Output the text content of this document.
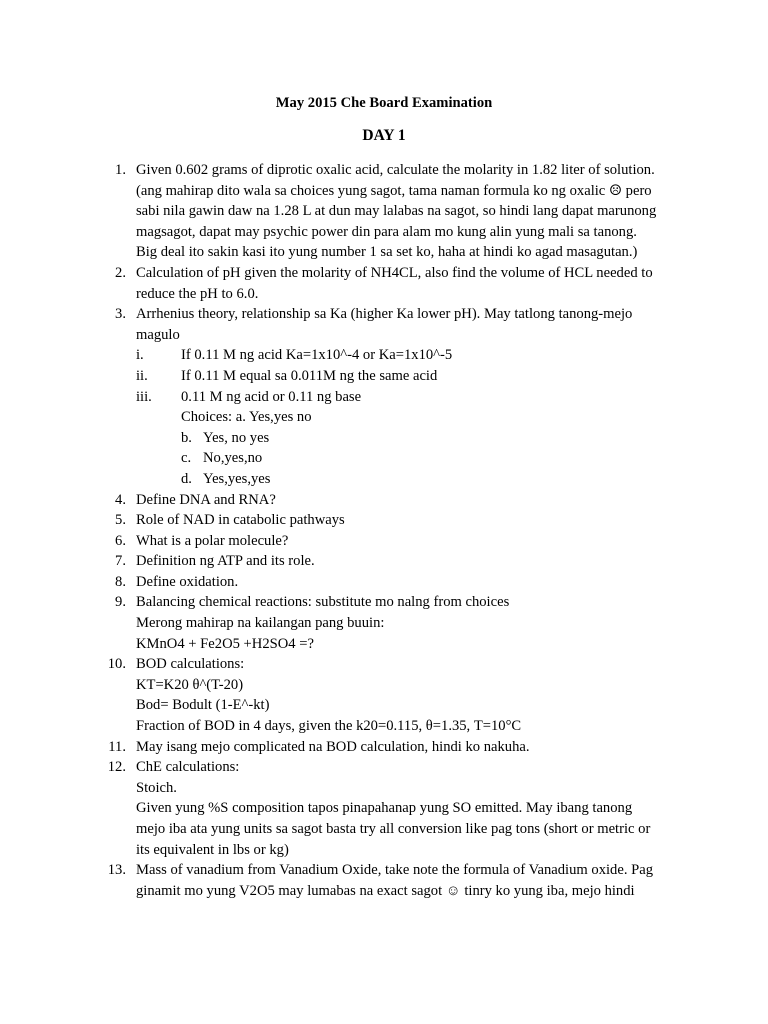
May 2015 Che Board Examination
DAY 1
1. Given 0.602 grams of diprotic oxalic acid, calculate the molarity in 1.82 liter of solution.
(ang mahirap dito wala sa choices yung sagot, tama naman formula ko ng oxalic ☹ pero
sabi nila gawin daw na 1.28 L at dun may lalabas na sagot, so hindi lang dapat marunong
magsagot, dapat may psychic power din para alam mo kung alin yung mali sa tanong.
Big deal ito sakin kasi ito yung number 1 sa set ko, haha at hindi ko agad masagutan.)
2. Calculation of pH given the molarity of NH4CL, also find the volume of HCL needed to
reduce the pH to 6.0.
3. Arrhenius theory, relationship sa Ka (higher Ka lower pH). May tatlong tanong-mejo
magulo
i.	If 0.11 M ng acid Ka=1x10^-4 or Ka=1x10^-5
ii. If 0.11 M equal sa 0.011M ng the same acid
iii. 0.11 M ng acid or 0.11 ng base
Choices: a. Yes,yes no
b. Yes, no yes
c. No,yes,no
d. Yes,yes,yes
4. Define DNA and RNA?
5. Role of NAD in catabolic pathways
6. What is a polar molecule?
7. Definition ng ATP and its role.
8. Define oxidation.
9. Balancing chemical reactions: substitute mo nalng from choices
Merong mahirap na kailangan pang buuin:
KMnO4 + Fe2O5 +H2SO4 =?
10. BOD calculations:
KT=K20 θ^(T-20)
Bod= Bodult (1-E^-kt)
Fraction of BOD in 4 days, given the k20=0.115, θ=1.35, T=10°C
11. May isang mejo complicated na BOD calculation, hindi ko nakuha.
12. ChE calculations:
Stoich.
Given yung %S composition tapos pinapahanap yung SO emitted. May ibang tanong
mejo iba ata yung units sa sagot basta try all conversion like pag tons (short or metric or
its equivalent in lbs or kg)
13. Mass of vanadium from Vanadium Oxide, take note the formula of Vanadium oxide. Pag
ginamit mo yung V2O5 may lumabas na exact sagot ☺ tinry ko yung iba, mejo hindi
